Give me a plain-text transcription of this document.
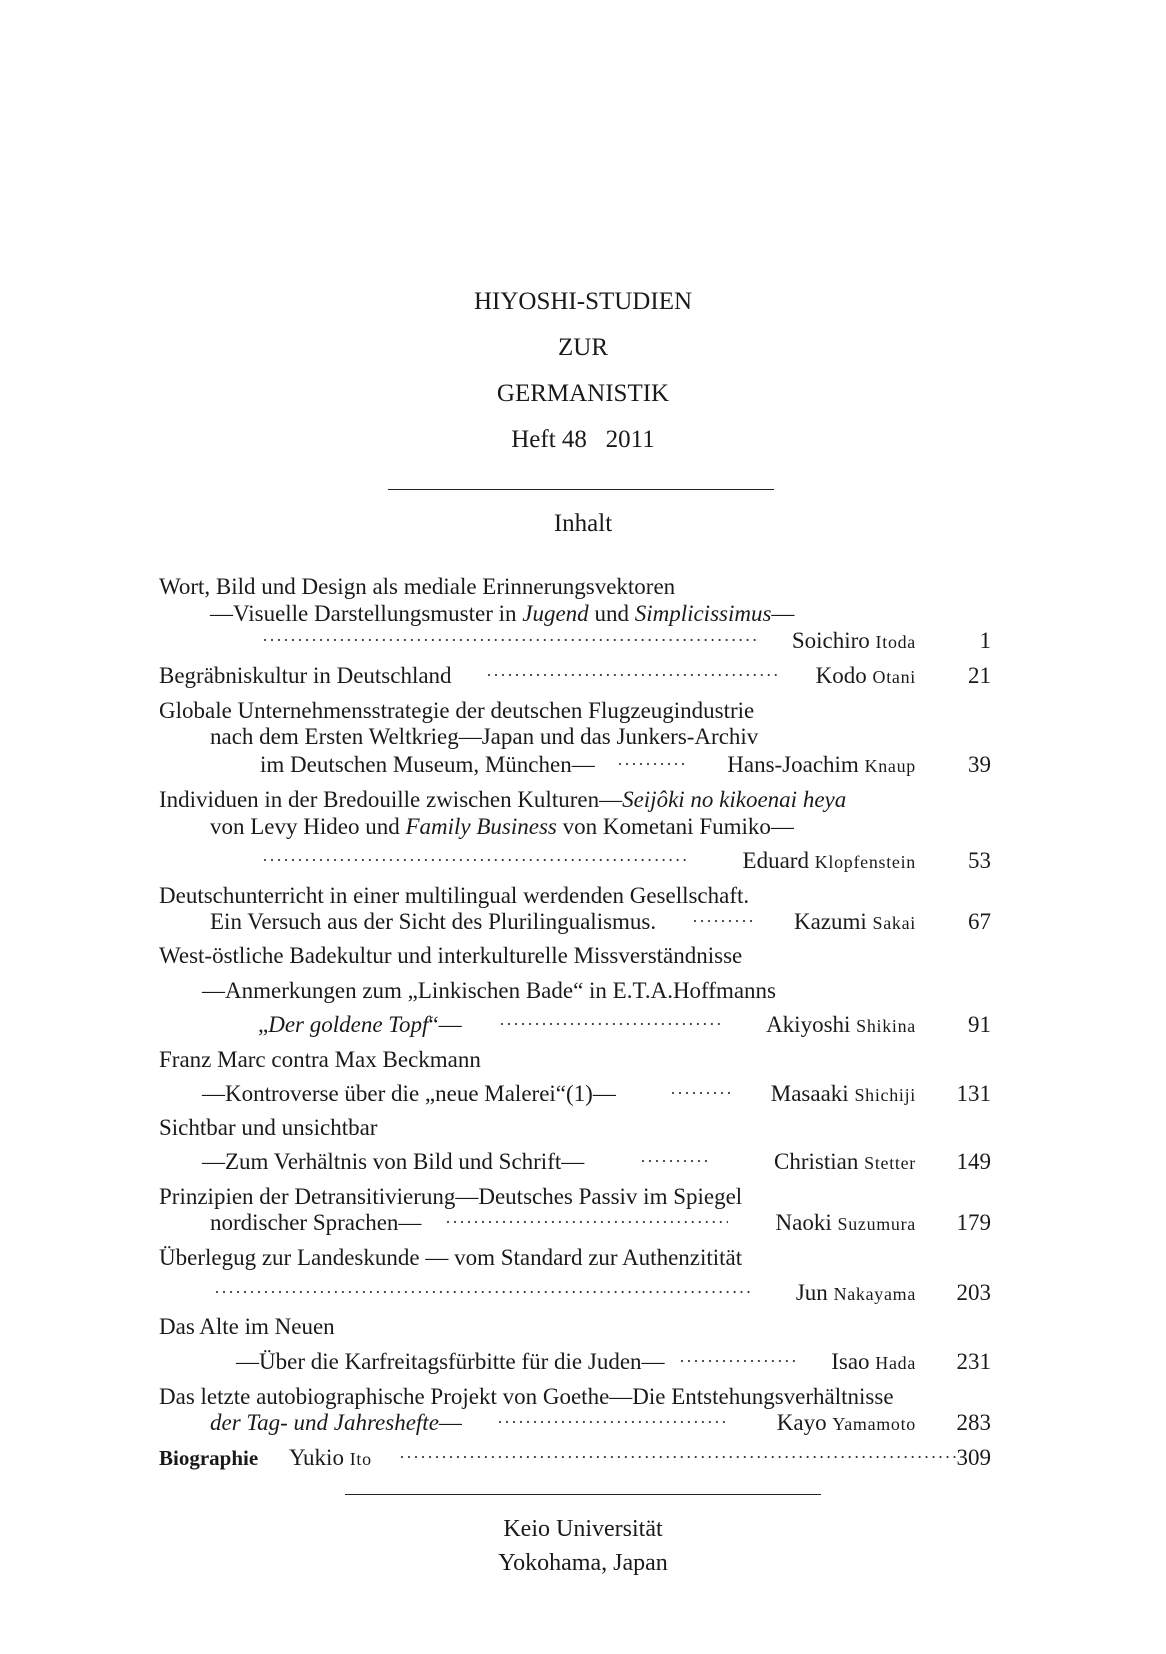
HIYOSHI-STUDIEN
ZUR
GERMANISTIK
Heft 48   2011
Inhalt
Wort, Bild und Design als mediale Erinnerungsvektoren
—Visuelle Darstellungsmuster in Jugend und Simplicissimus—
·····
Soichiro Itoda	1
Begräbniskultur in Deutschland ·····	Kodo Otani 21
Globale Unternehmensstrategie der deutschen Flugzeugindustrie
nach dem Ersten Weltkrieg—Japan und das Junkers-Archiv
im Deutschen Museum, München— ·····	Hans-Joachim Knaup 39
Individuen in der Bredouille zwischen Kulturen—Seijôki no kikoenai heya
von Levy Hideo und Family Business von Kometani Fumiko—
·····
Eduard Klopfenstein 53
Deutschunterricht in einer multilingual werdenden Gesellschaft.
Ein Versuch aus der Sicht des Plurilingualismus. ·····	Kazumi Sakai 67
West-östliche Badekultur und interkulturelle Missverständnisse
—Anmerkungen zum „Linkischen Bade“ in E.T.A.Hoffmanns
„Der goldene Topf“— ·····	Akiyoshi Shikina 91
Franz Marc contra Max Beckmann
—Kontroverse über die „neue Malerei“(1)— ·····	Masaaki Shichiji 131
Sichtbar und unsichtbar
—Zum Verhältnis von Bild und Schrift— ·····	Christian Stetter 149
Prinzipien der Detransitivierung—Deutsches Passiv im Spiegel
nordischer Sprachen— ·····	Naoki Suzumura 179
Überlegug zur Landeskunde — vom Standard zur Authenzitität
·····
Jun Nakayama 203
Das Alte im Neuen
—Über die Karfreitagsfürbitte für die Juden— ·····	Isao Hada 231
Das letzte autobiographische Projekt von Goethe—Die Entstehungsverhältnisse
der Tag- und Jahreshefte— ·····	Kayo Yamamoto 283
Biographie Yukio Ito ·····	309
Keio Universität
Yokohama, Japan
